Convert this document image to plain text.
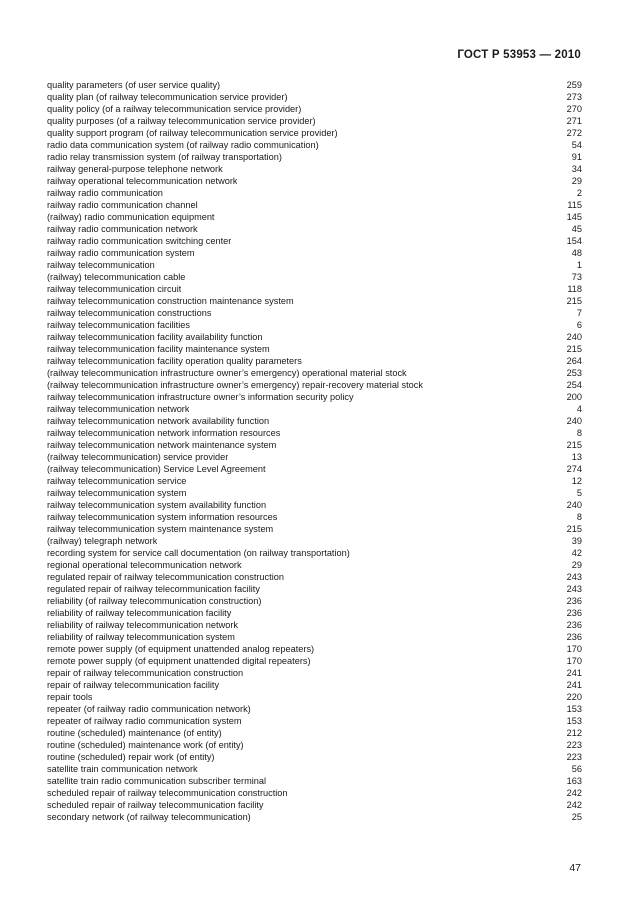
ГОСТ Р 53953 — 2010
quality parameters (of user service quality)	259
quality plan (of railway telecommunication service provider)	273
quality policy (of a railway telecommunication service provider)	270
quality purposes (of a railway telecommunication service provider)	271
quality support program (of railway telecommunication service provider)	272
radio data communication system (of railway radio communication)	54
radio relay transmission system (of railway transportation)	91
railway general-purpose telephone network	34
railway operational telecommunication network	29
railway radio communication	2
railway radio communication channel	115
(railway) radio communication equipment	145
railway radio communication network	45
railway radio communication switching center	154
railway radio communication system	48
railway telecommunication	1
(railway) telecommunication cable	73
railway telecommunication circuit	118
railway telecommunication construction maintenance system	215
railway telecommunication constructions	7
railway telecommunication facilities	6
railway telecommunication facility availability function	240
railway telecommunication facility maintenance system	215
railway telecommunication facility operation quality parameters	264
(railway telecommunication infrastructure owner’s emergency) operational material stock	253
(railway telecommunication infrastructure owner’s emergency) repair-recovery material stock	254
railway telecommunication infrastructure owner’s information security policy	200
railway telecommunication network	4
railway telecommunication network availability function	240
railway telecommunication network information resources	8
railway telecommunication network maintenance system	215
(railway telecommunication) service provider	13
(railway telecommunication) Service Level Agreement	274
railway telecommunication service	12
railway telecommunication system	5
railway telecommunication system availability function	240
railway telecommunication system information resources	8
railway telecommunication system maintenance system	215
(railway) telegraph network	39
recording system for service call documentation (on railway transportation)	42
regional operational telecommunication network	29
regulated repair of railway telecommunication construction	243
regulated repair of railway telecommunication facility	243
reliability (of railway telecommunication construction)	236
reliability of railway telecommunication facility	236
reliability of railway telecommunication network	236
reliability of railway telecommunication system	236
remote power supply (of equipment unattended analog repeaters)	170
remote power supply (of equipment unattended digital repeaters)	170
repair of railway telecommunication construction	241
repair of railway telecommunication facility	241
repair tools	220
repeater (of railway radio communication network)	153
repeater of railway radio communication system	153
routine (scheduled) maintenance (of entity)	212
routine (scheduled) maintenance work (of entity)	223
routine (scheduled) repair work (of entity)	223
satellite train communication network	56
satellite train radio communication subscriber terminal	163
scheduled repair of railway telecommunication construction	242
scheduled repair of railway telecommunication facility	242
secondary network (of railway telecommunication)	25
47
